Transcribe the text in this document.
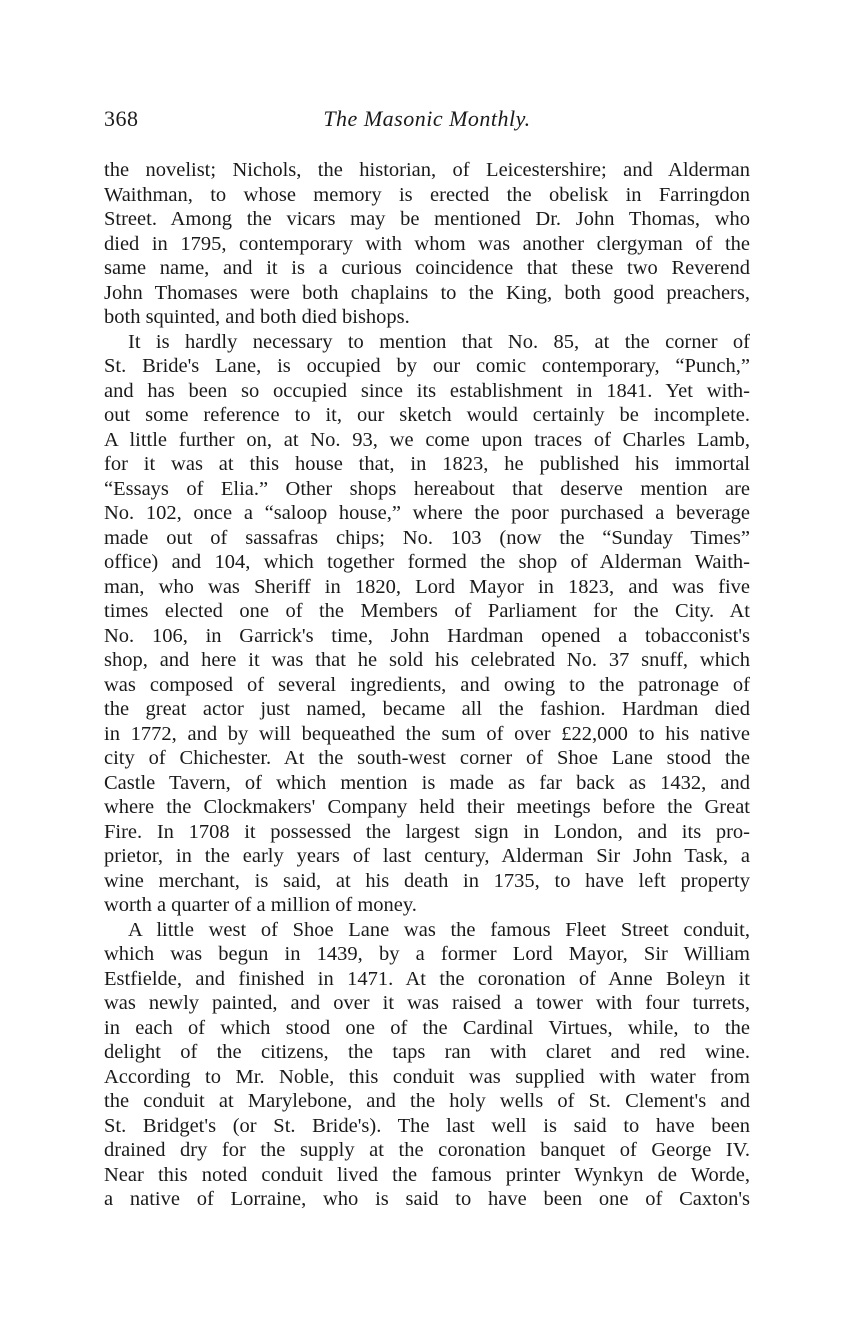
368	The Masonic Monthly.
the novelist; Nichols, the historian, of Leicestershire; and Alderman
Waithman, to whose memory is erected the obelisk in Farringdon
Street. Among the vicars may be mentioned Dr. John Thomas, who
died in 1795, contemporary with whom was another clergyman of the
same name, and it is a curious coincidence that these two Reverend
John Thomases were both chaplains to the King, both good preachers,
both squinted, and both died bishops.
It is hardly necessary to mention that No. 85, at the corner of
St. Bride's Lane, is occupied by our comic contemporary, “Punch,”
and has been so occupied since its establishment in 1841. Yet with-
out some reference to it, our sketch would certainly be incomplete.
A little further on, at No. 93, we come upon traces of Charles Lamb,
for it was at this house that, in 1823, he published his immortal
“Essays of Elia.” Other shops hereabout that deserve mention are
No. 102, once a “saloop house,” where the poor purchased a beverage
made out of sassafras chips; No. 103 (now the “Sunday Times”
office) and 104, which together formed the shop of Alderman Waith-
man, who was Sheriff in 1820, Lord Mayor in 1823, and was five
times elected one of the Members of Parliament for the City. At
No. 106, in Garrick's time, John Hardman opened a tobacconist's
shop, and here it was that he sold his celebrated No. 37 snuff, which
was composed of several ingredients, and owing to the patronage of
the great actor just named, became all the fashion. Hardman died
in 1772, and by will bequeathed the sum of over £22,000 to his native
city of Chichester. At the south-west corner of Shoe Lane stood the
Castle Tavern, of which mention is made as far back as 1432, and
where the Clockmakers' Company held their meetings before the Great
Fire. In 1708 it possessed the largest sign in London, and its pro-
prietor, in the early years of last century, Alderman Sir John Task, a
wine merchant, is said, at his death in 1735, to have left property
worth a quarter of a million of money.
A little west of Shoe Lane was the famous Fleet Street conduit,
which was begun in 1439, by a former Lord Mayor, Sir William
Estfielde, and finished in 1471. At the coronation of Anne Boleyn it
was newly painted, and over it was raised a tower with four turrets,
in each of which stood one of the Cardinal Virtues, while, to the
delight of the citizens, the taps ran with claret and red wine.
According to Mr. Noble, this conduit was supplied with water from
the conduit at Marylebone, and the holy wells of St. Clement's and
St. Bridget's (or St. Bride's). The last well is said to have been
drained dry for the supply at the coronation banquet of George IV.
Near this noted conduit lived the famous printer Wynkyn de Worde,
a native of Lorraine, who is said to have been one of Caxton's
